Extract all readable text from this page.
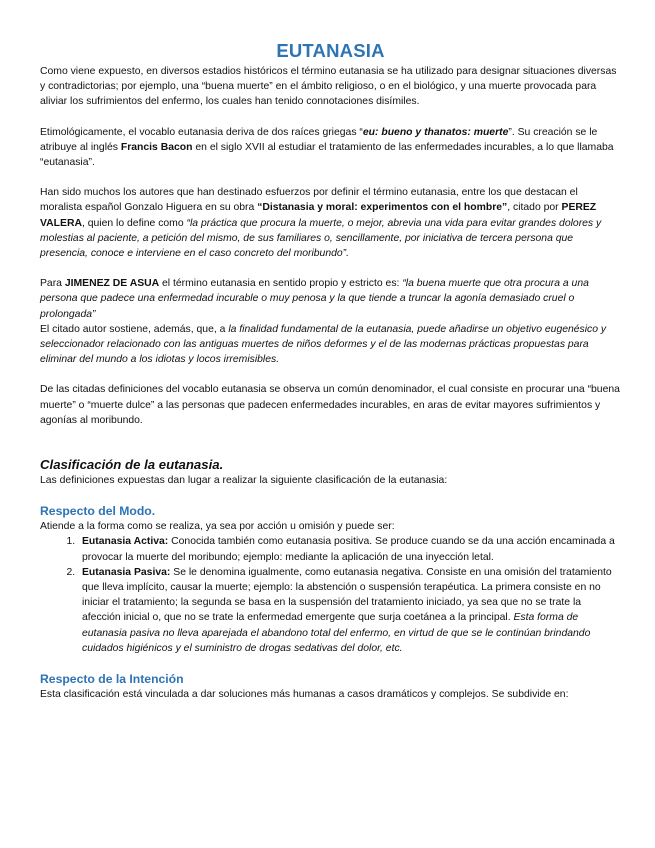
EUTANASIA

Como viene expuesto, en diversos estadios históricos el término eutanasia se ha utilizado para designar situaciones diversas y contradictorias; por ejemplo, una “buena muerte” en el ámbito religioso, o en el biológico, y una muerte provocada para aliviar los sufrimientos del enfermo, los cuales han tenido connotaciones disímiles.

Etimológicamente, el vocablo eutanasia deriva de dos raíces griegas “eu: bueno y thanatos: muerte”. Su creación se le atribuye al inglés Francis Bacon en el siglo XVII al estudiar el tratamiento de las enfermedades incurables, a lo que llamaba “eutanasia”.

Han sido muchos los autores que han destinado esfuerzos por definir el término eutanasia, entre los que destacan el moralista español Gonzalo Higuera en su obra “Distanasia y moral: experimentos con el hombre”, citado por PEREZ VALERA, quien lo define como “la práctica que procura la muerte, o mejor, abrevia una vida para evitar grandes dolores y molestias al paciente, a petición del mismo, de sus familiares o, sencillamente, por iniciativa de tercera persona que presencia, conoce e interviene en el caso concreto del moribundo”.

Para JIMENEZ DE ASUA el término eutanasia en sentido propio y estricto es: “la buena muerte que otra procura a una persona que padece una enfermedad incurable o muy penosa y la que tiende a truncar la agonía demasiado cruel o prolongada”

El citado autor sostiene, además, que, a la finalidad fundamental de la eutanasia, puede añadirse un objetivo eugenésico y seleccionador relacionado con las antiguas muertes de niños deformes y el de las modernas prácticas propuestas para eliminar del mundo a los idiotas y locos irremisibles.

De las citadas definiciones del vocablo eutanasia se observa un común denominador, el cual consiste en procurar una “buena muerte” o “muerte dulce” a las personas que padecen enfermedades incurables, en aras de evitar mayores sufrimientos y agonías al moribundo.

Clasificación de la eutanasia.

Las definiciones expuestas dan lugar a realizar la siguiente clasificación de la eutanasia:

Respecto del Modo.

Atiende a la forma como se realiza, ya sea por acción u omisión y puede ser:

1. Eutanasia Activa: Conocida también como eutanasia positiva. Se produce cuando se da una acción encaminada a provocar la muerte del moribundo; ejemplo: mediante la aplicación de una inyección letal.
2. Eutanasia Pasiva: Se le denomina igualmente, como eutanasia negativa. Consiste en una omisión del tratamiento que lleva implícito, causar la muerte; ejemplo: la abstención o suspensión terapéutica. La primera consiste en no iniciar el tratamiento; la segunda se basa en la suspensión del tratamiento iniciado, ya sea que no se trate la afección inicial o, que no se trate la enfermedad emergente que surja coetánea a la principal. Esta forma de eutanasia pasiva no lleva aparejada el abandono total del enfermo, en virtud de que se le continúan brindando cuidados higiénicos y el suministro de drogas sedativas del dolor, etc.
Respecto de la Intención

Esta clasificación está vinculada a dar soluciones más humanas a casos dramáticos y complejos. Se subdivide en:
